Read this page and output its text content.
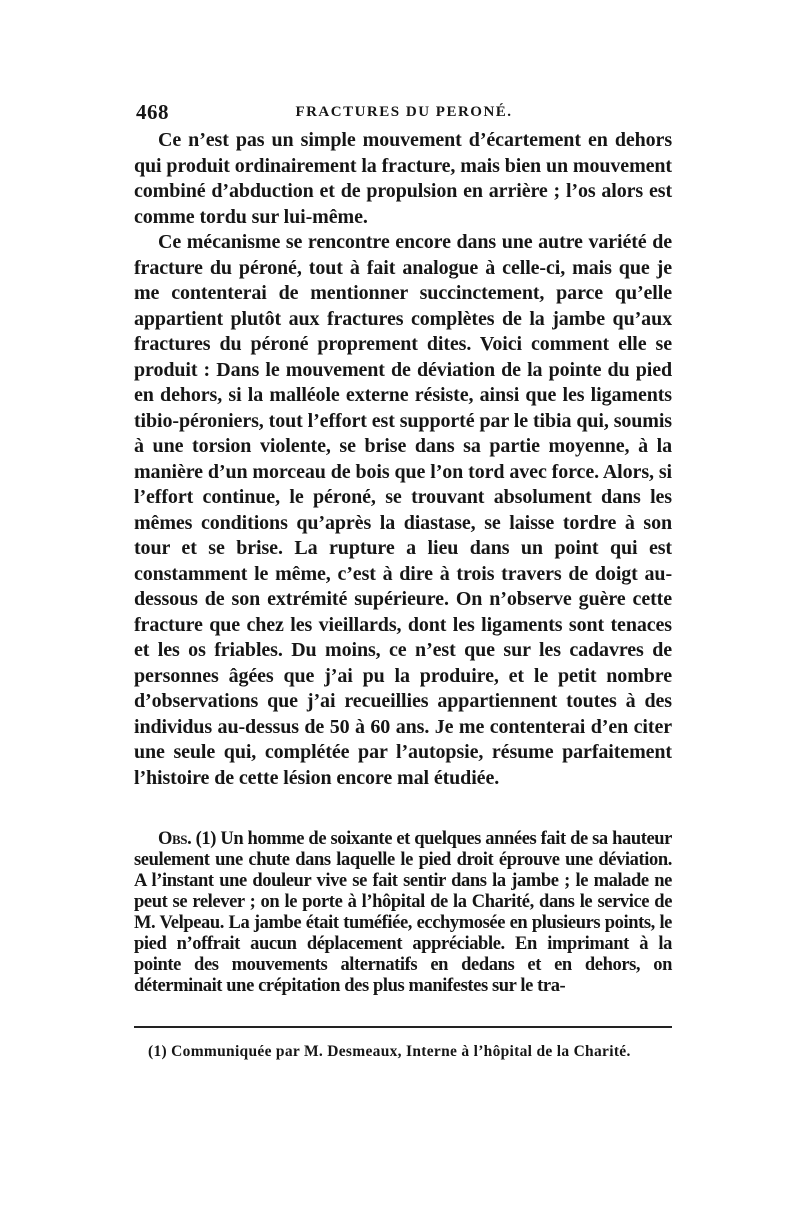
468	FRACTURES DU PERONÉ.

Ce n’est pas un simple mouvement d’écartement en dehors qui produit ordinairement la fracture, mais bien un mouvement combiné d’abduction et de propulsion en arrière ; l’os alors est comme tordu sur lui-même.

Ce mécanisme se rencontre encore dans une autre variété de fracture du péroné, tout à fait analogue à celle-ci, mais que je me contenterai de mentionner succinctement, parce qu’elle appartient plutôt aux fractures complètes de la jambe qu’aux fractures du péroné proprement dites. Voici comment elle se produit : Dans le mouvement de déviation de la pointe du pied en dehors, si la malléole externe résiste, ainsi que les ligaments tibio-péroniers, tout l’effort est supporté par le tibia qui, soumis à une torsion violente, se brise dans sa partie moyenne, à la manière d’un morceau de bois que l’on tord avec force. Alors, si l’effort continue, le péroné, se trouvant absolument dans les mêmes conditions qu’après la diastase, se laisse tordre à son tour et se brise. La rupture a lieu dans un point qui est constamment le même, c’est à dire à trois travers de doigt au-dessous de son extrémité supérieure. On n’observe guère cette fracture que chez les vieillards, dont les ligaments sont tenaces et les os friables. Du moins, ce n’est que sur les cadavres de personnes âgées que j’ai pu la produire, et le petit nombre d’observations que j’ai recueillies appartiennent toutes à des individus au-dessus de 50 à 60 ans. Je me contenterai d’en citer une seule qui, complétée par l’autopsie, résume parfaitement l’histoire de cette lésion encore mal étudiée.

Obs. (1) Un homme de soixante et quelques années fait de sa hauteur seulement une chute dans laquelle le pied droit éprouve une déviation. A l’instant une douleur vive se fait sentir dans la jambe ; le malade ne peut se relever ; on le porte à l’hôpital de la Charité, dans le service de M. Velpeau. La jambe était tuméfiée, ecchymosée en plusieurs points, le pied n’offrait aucun déplacement appréciable. En imprimant à la pointe des mouvements alternatifs en dedans et en dehors, on déterminait une crépitation des plus manifestes sur le tra-

(1) Communiquée par M. Desmeaux, Interne à l’hôpital de la Charité.
